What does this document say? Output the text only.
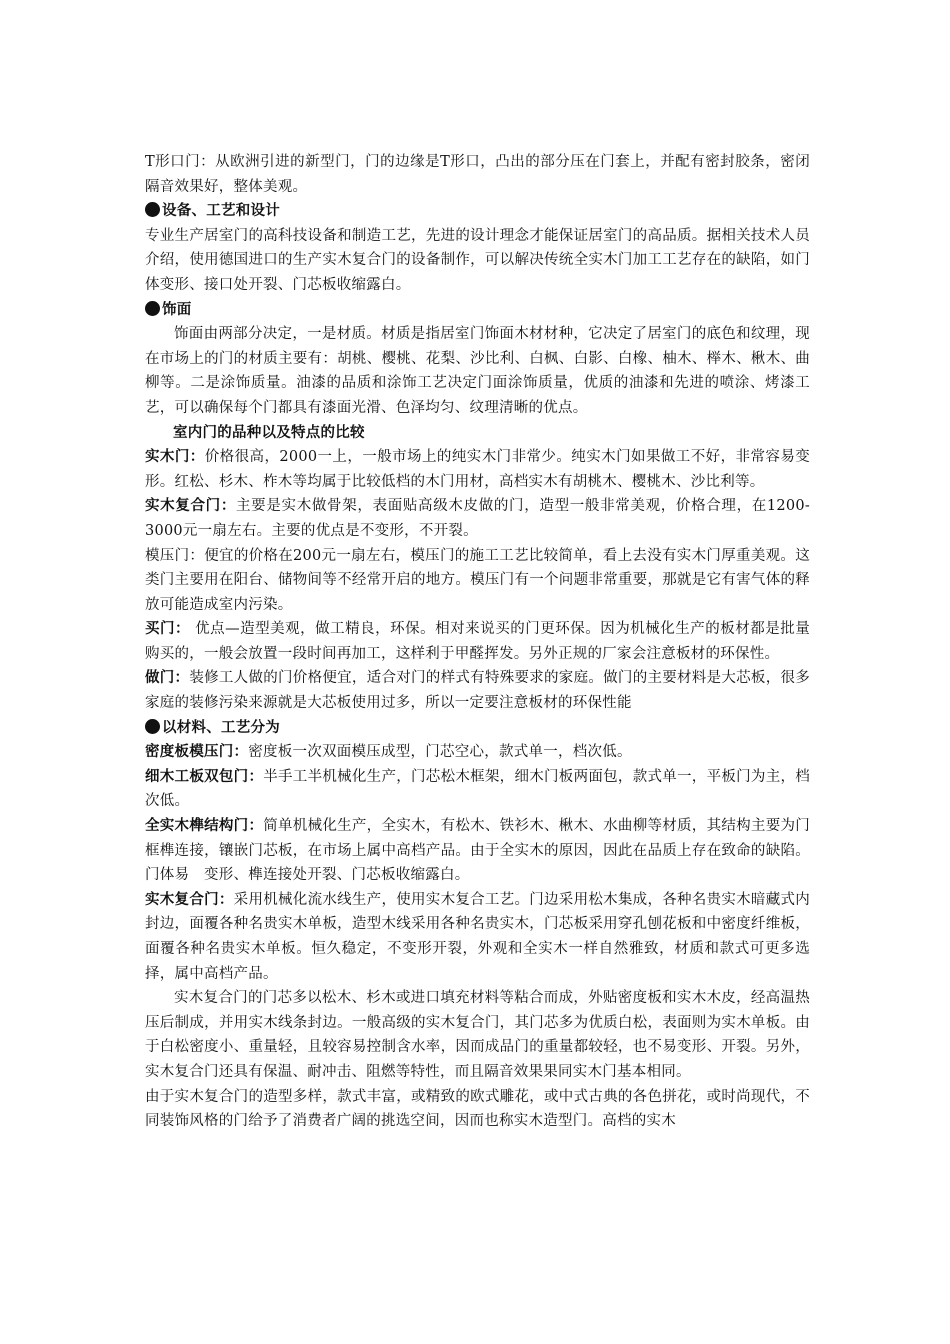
T形口门：从欧洲引进的新型门，门的边缘是T形口，凸出的部分压在门套上，并配有密封胶条，密闭隔音效果好，整体美观。

设备、工艺和设计

专业生产居室门的高科技设备和制造工艺，先进的设计理念才能保证居室门的高品质。据相关技术人员介绍，使用德国进口的生产实木复合门的设备制作，可以解决传统全实木门加工工艺存在的缺陷，如门体变形、接口处开裂、门芯板收缩露白。

饰面

饰面由两部分决定，一是材质。材质是指居室门饰面木材材种，它决定了居室门的底色和纹理，现在市场上的门的材质主要有：胡桃、樱桃、花梨、沙比利、白枫、白影、白橡、柚木、榉木、楸木、曲柳等。二是涂饰质量。油漆的品质和涂饰工艺决定门面涂饰质量，优质的油漆和先进的喷涂、烤漆工艺，可以确保每个门都具有漆面光滑、色泽均匀、纹理清晰的优点。

室内门的品种以及特点的比较

实木门：价格很高，2000一上，一般市场上的纯实木门非常少。纯实木门如果做工不好，非常容易变形。红松、杉木、柞木等均属于比较低档的木门用材，高档实木有胡桃木、樱桃木、沙比利等。

实木复合门：主要是实木做骨架，表面贴高级木皮做的门，造型一般非常美观，价格合理，在1200-3000元一扇左右。主要的优点是不变形，不开裂。

模压门：便宜的价格在200元一扇左右，模压门的施工工艺比较简单，看上去没有实木门厚重美观。这类门主要用在阳台、储物间等不经常开启的地方。模压门有一个问题非常重要，那就是它有害气体的释放可能造成室内污染。

买门： 优点—造型美观，做工精良，环保。相对来说买的门更环保。因为机械化生产的板材都是批量购买的，一般会放置一段时间再加工，这样利于甲醛挥发。另外正规的厂家会注意板材的环保性。

做门：装修工人做的门价格便宜，适合对门的样式有特殊要求的家庭。做门的主要材料是大芯板，很多家庭的装修污染来源就是大芯板使用过多，所以一定要注意板材的环保性能

以材料、工艺分为

密度板模压门：密度板一次双面模压成型，门芯空心，款式单一，档次低。

细木工板双包门：半手工半机械化生产，门芯松木框架，细木门板两面包，款式单一，平板门为主，档次低。

全实木榫结构门：简单机械化生产，全实木，有松木、铁衫木、楸木、水曲柳等材质，其结构主要为门框榫连接，镶嵌门芯板，在市场上属中高档产品。由于全实木的原因，因此在品质上存在致命的缺陷。门体易　变形、榫连接处开裂、门芯板收缩露白。

实木复合门：采用机械化流水线生产，使用实木复合工艺。门边采用松木集成，各种名贵实木暗藏式内封边，面覆各种名贵实木单板，造型木线采用各种名贵实木，门芯板采用穿孔刨花板和中密度纤维板，面覆各种名贵实木单板。恒久稳定，不变形开裂，外观和全实木一样自然雅致，材质和款式可更多选择，属中高档产品。

实木复合门的门芯多以松木、杉木或进口填充材料等粘合而成，外贴密度板和实木木皮，经高温热压后制成，并用实木线条封边。一般高级的实木复合门，其门芯多为优质白松，表面则为实木单板。由于白松密度小、重量轻，且较容易控制含水率，因而成品门的重量都较轻，也不易变形、开裂。另外，实木复合门还具有保温、耐冲击、阻燃等特性，而且隔音效果果同实木门基本相同。

由于实木复合门的造型多样，款式丰富，或精致的欧式雕花，或中式古典的各色拼花，或时尚现代，不同装饰风格的门给予了消费者广阔的挑选空间，因而也称实木造型门。高档的实木
